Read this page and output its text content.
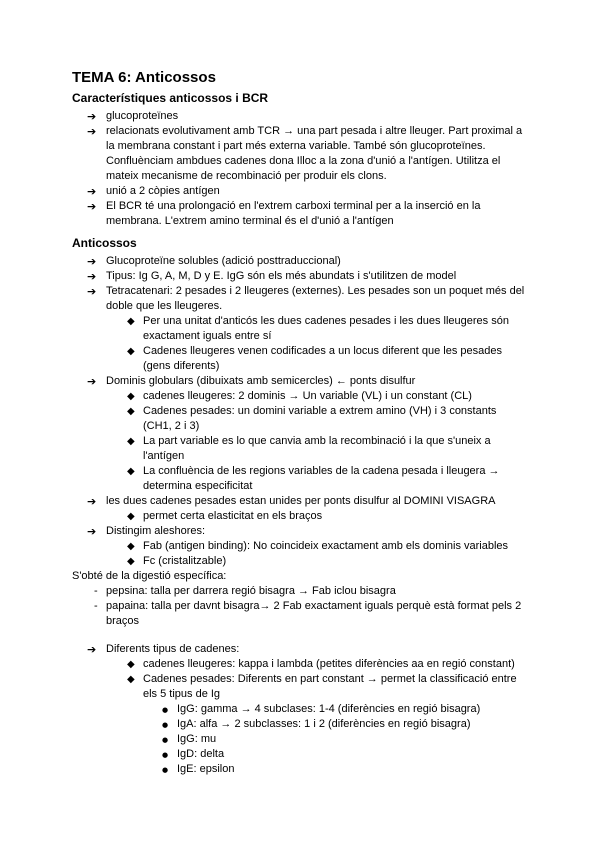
TEMA 6: Anticossos
Característiques anticossos i BCR
➔ glucoproteïnes
➔ relacionats evolutivament amb TCR → una part pesada i altre lleuger. Part proximal a la membrana constant i part més externa variable. També són glucoproteïnes. Confluènciam ambdues cadenes dona Illoc a la zona d'unió a l'antígen. Utilitza el mateix mecanisme de recombinació per produir els clons.
➔ unió a 2 còpies antígen
➔ El BCR té una prolongació en l'extrem carboxi terminal per a la inserció en la membrana. L'extrem amino terminal és el d'unió a l'antígen
Anticossos
➔ Glucoproteïne solubles (adició posttraduccional)
➔ Tipus: Ig G, A, M, D y E. IgG són els més abundats i s'utilitzen de model
➔ Tetracatenari: 2 pesades i 2 lleugeres (externes). Les pesades son un poquet més del doble que les lleugeres.
◆ Per una unitat d'anticós les dues cadenes pesades i les dues lleugeres són exactament iguals entre sí
◆ Cadenes lleugeres venen codificades a un locus diferent que les pesades (gens diferents)
➔ Dominis globulars (dibuixats amb semicercles) ← ponts disulfur
◆ cadenes lleugeres: 2 dominis → Un variable (VL) i un constant (CL)
◆ Cadenes pesades: un domini variable a extrem amino (VH) i 3 constants (CH1, 2 i 3)
◆ La part variable es lo que canvia amb la recombinació i la que s'uneix a l'antígen
◆ La confluència de les regions variables de la cadena pesada i lleugera → determina especificitat
➔ les dues cadenes pesades estan unides per ponts disulfur al DOMINI VISAGRA
◆ permet certa elasticitat en els braços
➔ Distingim aleshores:
◆ Fab (antigen binding): No coincideix exactament amb els dominis variables
◆ Fc (cristalitzable)
S'obté de la digestió específica:
- pepsina: talla per darrera regió bisagra → Fab iclou bisagra
- papaina: talla per davnt bisagra→ 2 Fab exactament iguals perquè està format pels 2 braços
➔ Diferents tipus de cadenes:
◆ cadenes lleugeres: kappa i lambda (petites diferències aa en regió constant)
◆ Cadenes pesades: Diferents en part constant → permet la classificació entre els 5 tipus de Ig
● IgG: gamma → 4 subclases: 1-4 (diferències en regió bisagra)
● IgA: alfa → 2 subclasses: 1 i 2 (diferències en regió bisagra)
● IgG: mu
● IgD: delta
● IgE: epsilon
